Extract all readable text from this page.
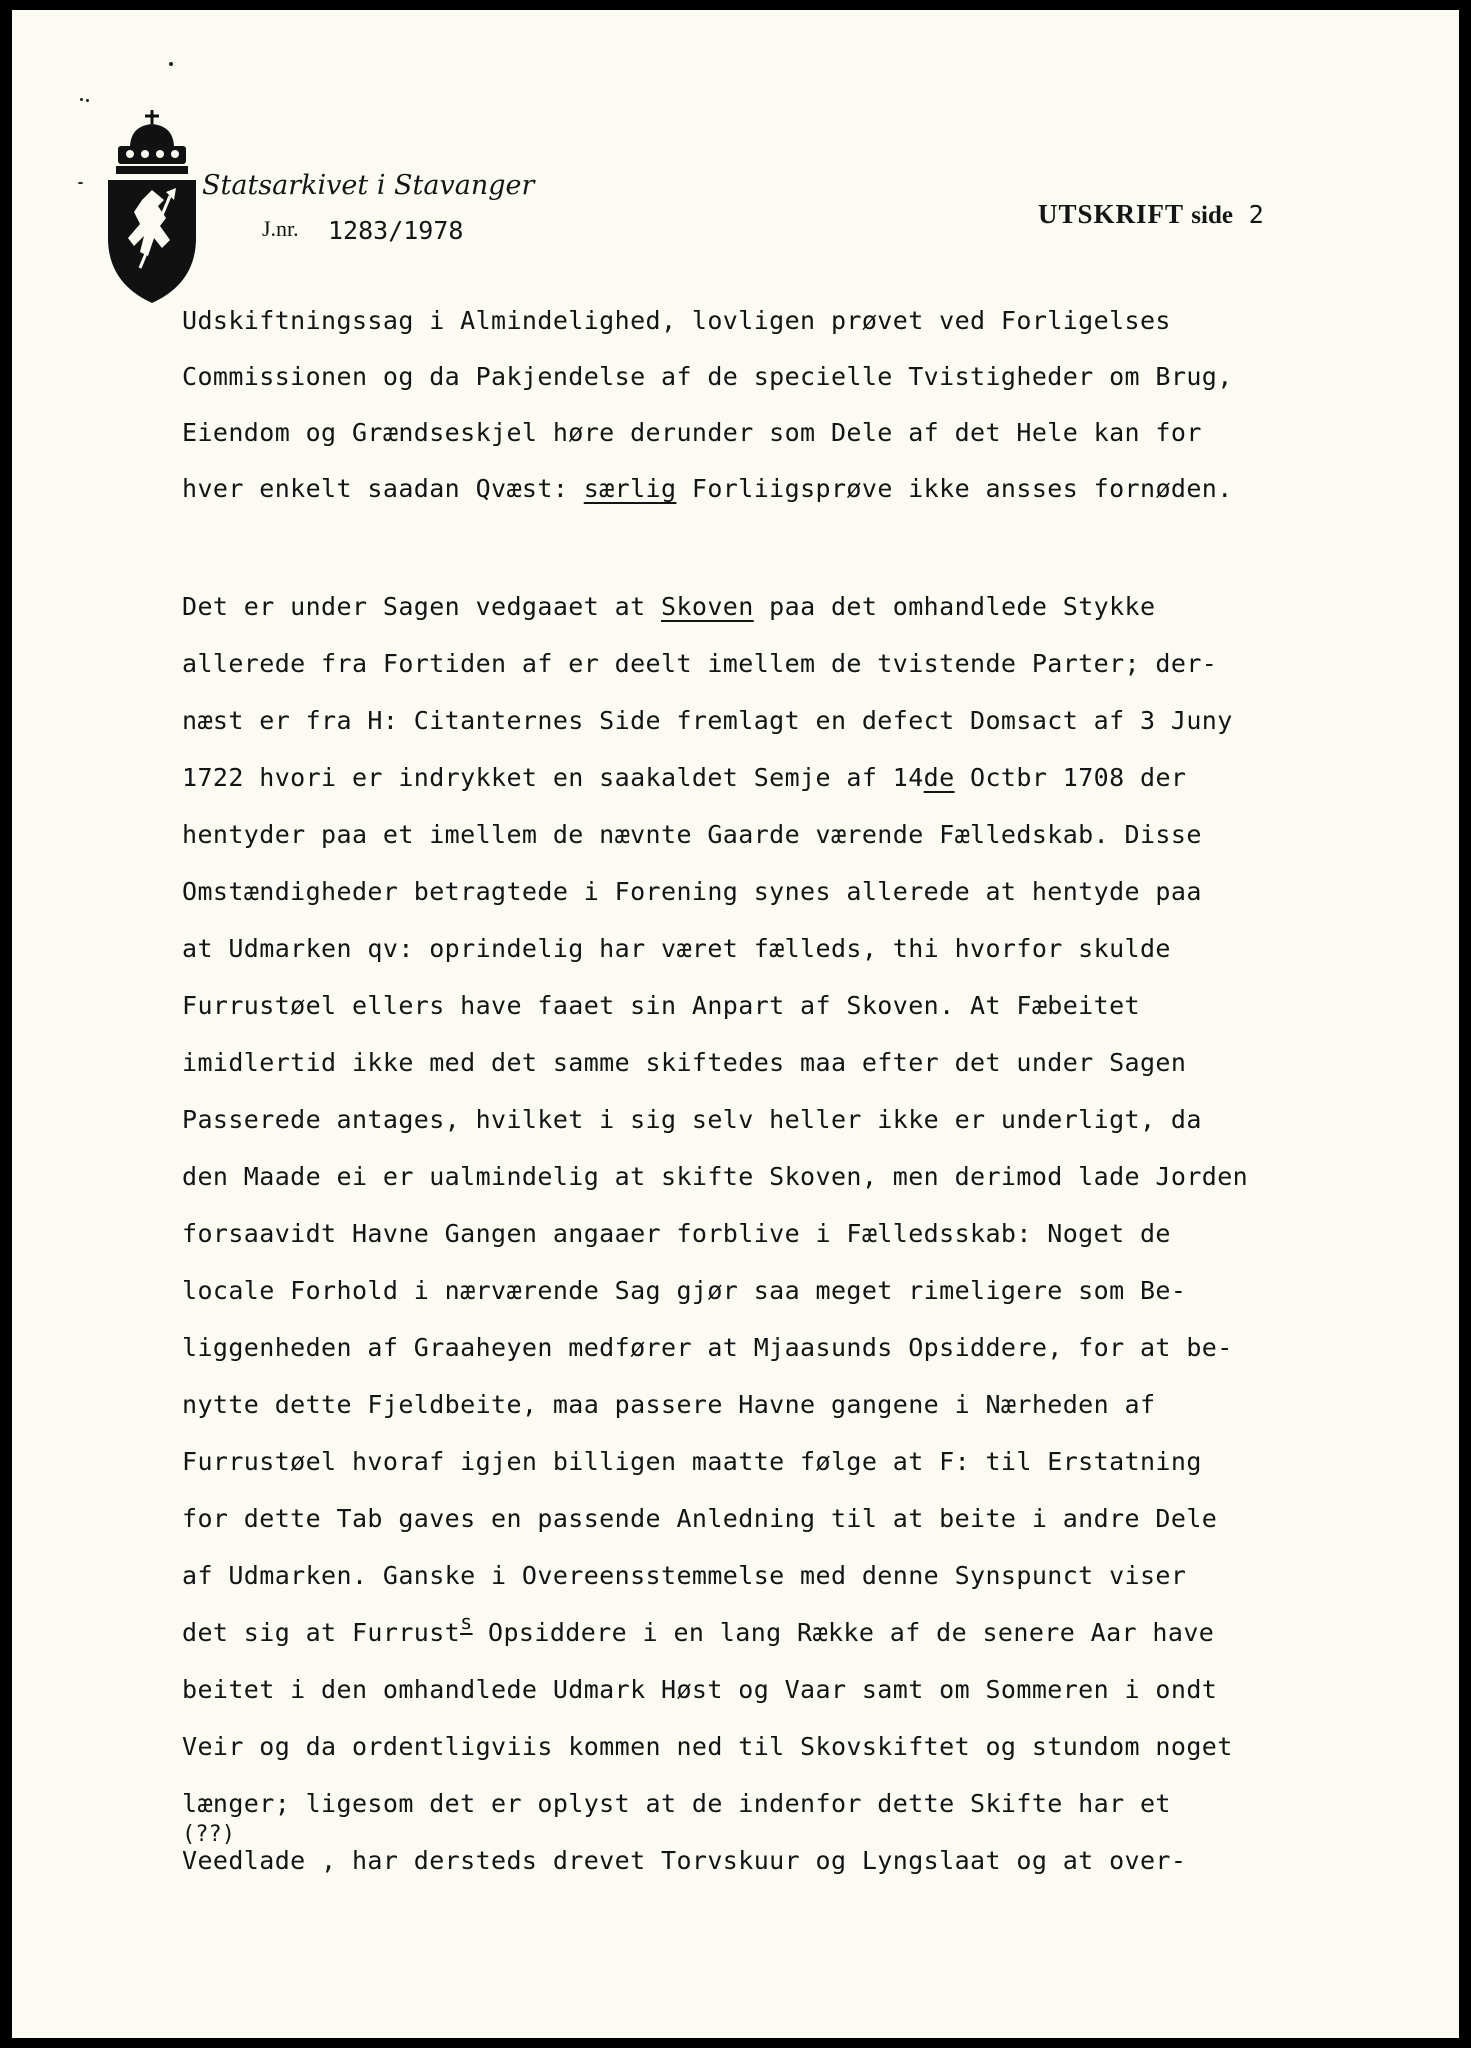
Statsarkivet i Stavanger
J.nr. 1283/1978
UTSKRIFT side 2
Udskiftningssag i Almindelighed, lovligen prøvet ved Forligelses
Commissionen og da Pakjendelse af de specielle Tvistigheder om Brug,
Eiendom og Grændseskjel høre derunder som Dele af det Hele kan for
hver enkelt saadan Qvæst: særlig Forliigsprøve ikke ansses fornøden.
Det er under Sagen vedgaaet at Skoven paa det omhandlede Stykke
allerede fra Fortiden af er deelt imellem de tvistende Parter; der-
næst er fra H: Citanternes Side fremlagt en defect Domsact af 3 Juny
1722 hvori er indrykket en saakaldet Semje af 14de Octbr 1708 der
hentyder paa et imellem de nævnte Gaarde værende Fælledskab. Disse
Omstændigheder betragtede i Forening synes allerede at hentyde paa
at Udmarken qv: oprindelig har været fælleds, thi hvorfor skulde
Furrustøel ellers have faaet sin Anpart af Skoven. At Fæbeitet
imidlertid ikke med det samme skiftedes maa efter det under Sagen
Passerede antages, hvilket i sig selv heller ikke er underligt, da
den Maade ei er ualmindelig at skifte Skoven, men derimod lade Jorden
forsaavidt Havne Gangen angaaer forblive i Fælledsskab: Noget de
locale Forhold i nærværende Sag gjør saa meget rimeligere som Be-
liggenheden af Graaheyen medfører at Mjaasunds Opsiddere, for at be-
nytte dette Fjeldbeite, maa passere Havne gangene i Nærheden af
Furrustøel hvoraf igjen billigen maatte følge at F: til Erstatning
for dette Tab gaves en passende Anledning til at beite i andre Dele
af Udmarken. Ganske i Overeensstemmelse med denne Synspunct viser
det sig at Furrust$^s$ Opsiddere i en lang Række af de senere Aar have
beitet i den omhandlede Udmark Høst og Vaar samt om Sommeren i ondt
Veir og da ordentligviis kommen ned til Skovskiftet og stundom noget
længer; ligesom det er oplyst at de indenfor dette Skifte har et
(??)
Veedlade , har dersteds drevet Torvskuur og Lyngslaat og at over-
